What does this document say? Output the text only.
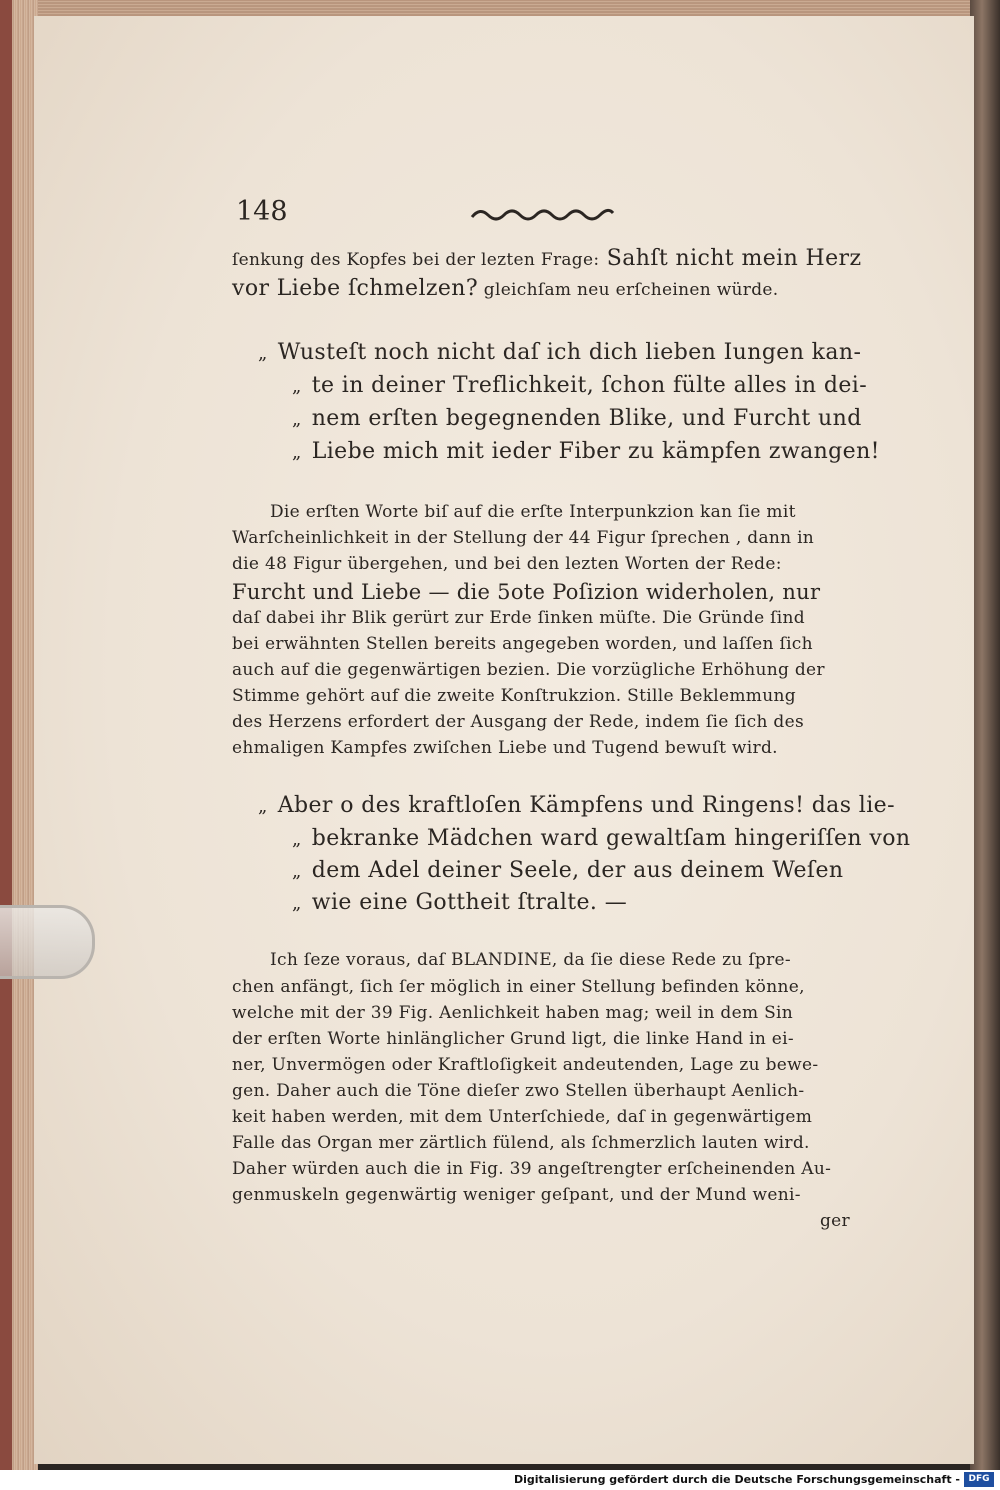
148
ſenkung des Kopfes bei der lezten Frage: Sahſt nicht mein Herz
vor Liebe ſchmelzen? gleichſam neu erſcheinen würde.
„ Wusteſt noch nicht daſ ich dich lieben Iungen kan-
„ te in deiner Treflichkeit, ſchon fülte alles in dei-
„ nem erſten begegnenden Blike, und Furcht und
„ Liebe mich mit ieder Fiber zu kämpfen zwangen!
Die erſten Worte biſ auf die erſte Interpunkzion kan ſie mit
Warſcheinlichkeit in der Stellung der 44 Figur ſprechen , dann in
die 48 Figur übergehen, und bei den lezten Worten der Rede:
Furcht und Liebe — die 5ote Poſizion widerholen, nur
daſ dabei ihr Blik gerürt zur Erde ſinken müſte. Die Gründe ſind
bei erwähnten Stellen bereits angegeben worden, und laſſen ſich
auch auf die gegenwärtigen bezien. Die vorzügliche Erhöhung der
Stimme gehört auf die zweite Konſtrukzion. Stille Beklemmung
des Herzens erfordert der Ausgang der Rede, indem ſie ſich des
ehmaligen Kampfes zwiſchen Liebe und Tugend bewuſt wird.
„ Aber o des kraftloſen Kämpfens und Ringens! das lie-
„ bekranke Mädchen ward gewaltſam hingeriſſen von
„ dem Adel deiner Seele, der aus deinem Weſen
„ wie eine Gottheit ſtralte. —
Ich ſeze voraus, daſ BLANDINE, da ſie diese Rede zu ſpre-
chen anfängt, ſich ſer möglich in einer Stellung befinden könne,
welche mit der 39 Fig. Aenlichkeit haben mag; weil in dem Sin
der erſten Worte hinlänglicher Grund ligt, die linke Hand in ei-
ner, Unvermögen oder Kraftloſigkeit andeutenden, Lage zu bewe-
gen. Daher auch die Töne dieſer zwo Stellen überhaupt Aenlich-
keit haben werden, mit dem Unterſchiede, daſ in gegenwärtigem
Falle das Organ mer zärtlich fülend, als ſchmerzlich lauten wird.
Daher würden auch die in Fig. 39 angeſtrengter erſcheinenden Au-
genmuskeln gegenwärtig weniger geſpant, und der Mund weni-
ger
Digitalisierung gefördert durch die Deutsche Forschungsgemeinschaft - DFG
